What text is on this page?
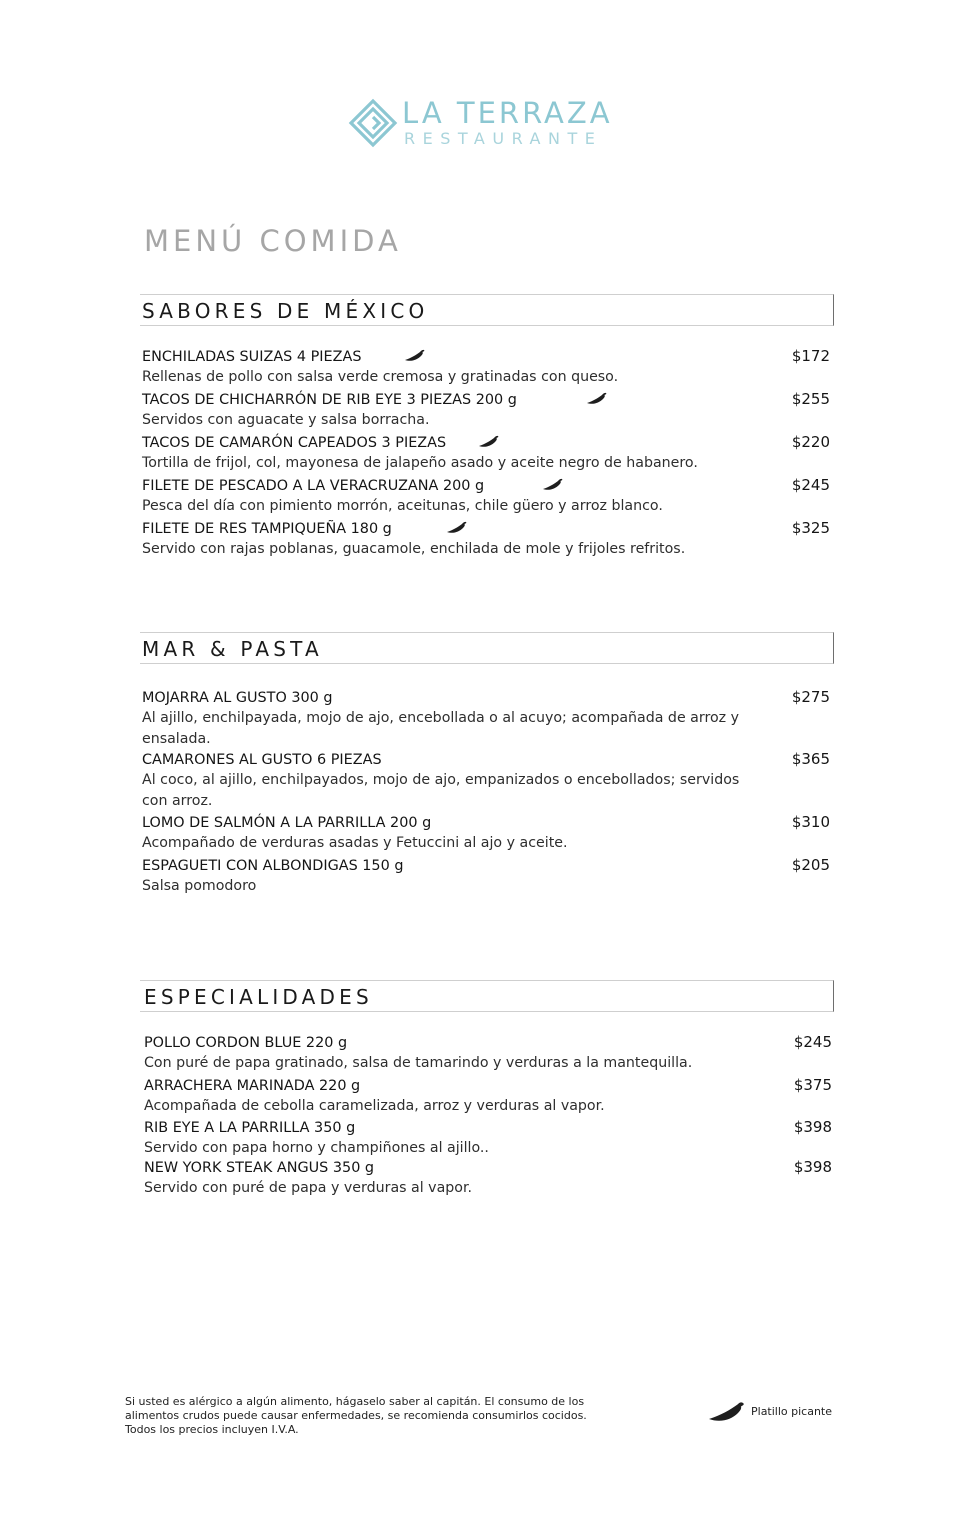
LA TERRAZA
RESTAURANTE
MENÚ COMIDA
SABORES DE MÉXICO
ENCHILADAS SUIZAS 4 PIEZAS	$172
Rellenas de pollo con salsa verde cremosa y gratinadas con queso.
TACOS DE CHICHARRÓN DE RIB EYE 3 PIEZAS 200 g	$255
Servidos con aguacate y salsa borracha.
TACOS DE CAMARÓN CAPEADOS 3 PIEZAS	$220
Tortilla de frijol, col, mayonesa de jalapeño asado y aceite negro de habanero.
FILETE DE PESCADO A LA VERACRUZANA 200 g	$245
Pesca del día con pimiento morrón, aceitunas, chile güero y arroz blanco.
FILETE DE RES TAMPIQUEÑA 180 g	$325
Servido con rajas poblanas, guacamole, enchilada de mole y frijoles refritos.
MAR & PASTA
MOJARRA AL GUSTO 300 g	$275
Al ajillo, enchilpayada, mojo de ajo, encebollada o al acuyo; acompañada de arroz y ensalada.
CAMARONES AL GUSTO 6 PIEZAS	$365
Al coco, al ajillo, enchilpayados, mojo de ajo, empanizados o encebollados; servidos con arroz.
LOMO DE SALMÓN A LA PARRILLA 200 g	$310
Acompañado de verduras asadas y Fetuccini al ajo y aceite.
ESPAGUETI CON ALBONDIGAS 150 g	$205
Salsa pomodoro
ESPECIALIDADES
POLLO CORDON BLUE 220 g	$245
Con puré de papa gratinado, salsa de tamarindo y verduras a la mantequilla.
ARRACHERA MARINADA 220 g	$375
Acompañada de cebolla caramelizada, arroz y verduras al vapor.
RIB EYE A LA PARRILLA 350 g	$398
Servido con papa horno y champiñones al ajillo..
NEW YORK STEAK ANGUS 350 g	$398
Servido con puré de papa y verduras al vapor.
Si usted es alérgico a algún alimento, hágaselo saber al capitán. El consumo de los
alimentos crudos puede causar enfermedades, se recomienda consumirlos cocidos.
Todos los precios incluyen I.V.A.
Platillo picante
